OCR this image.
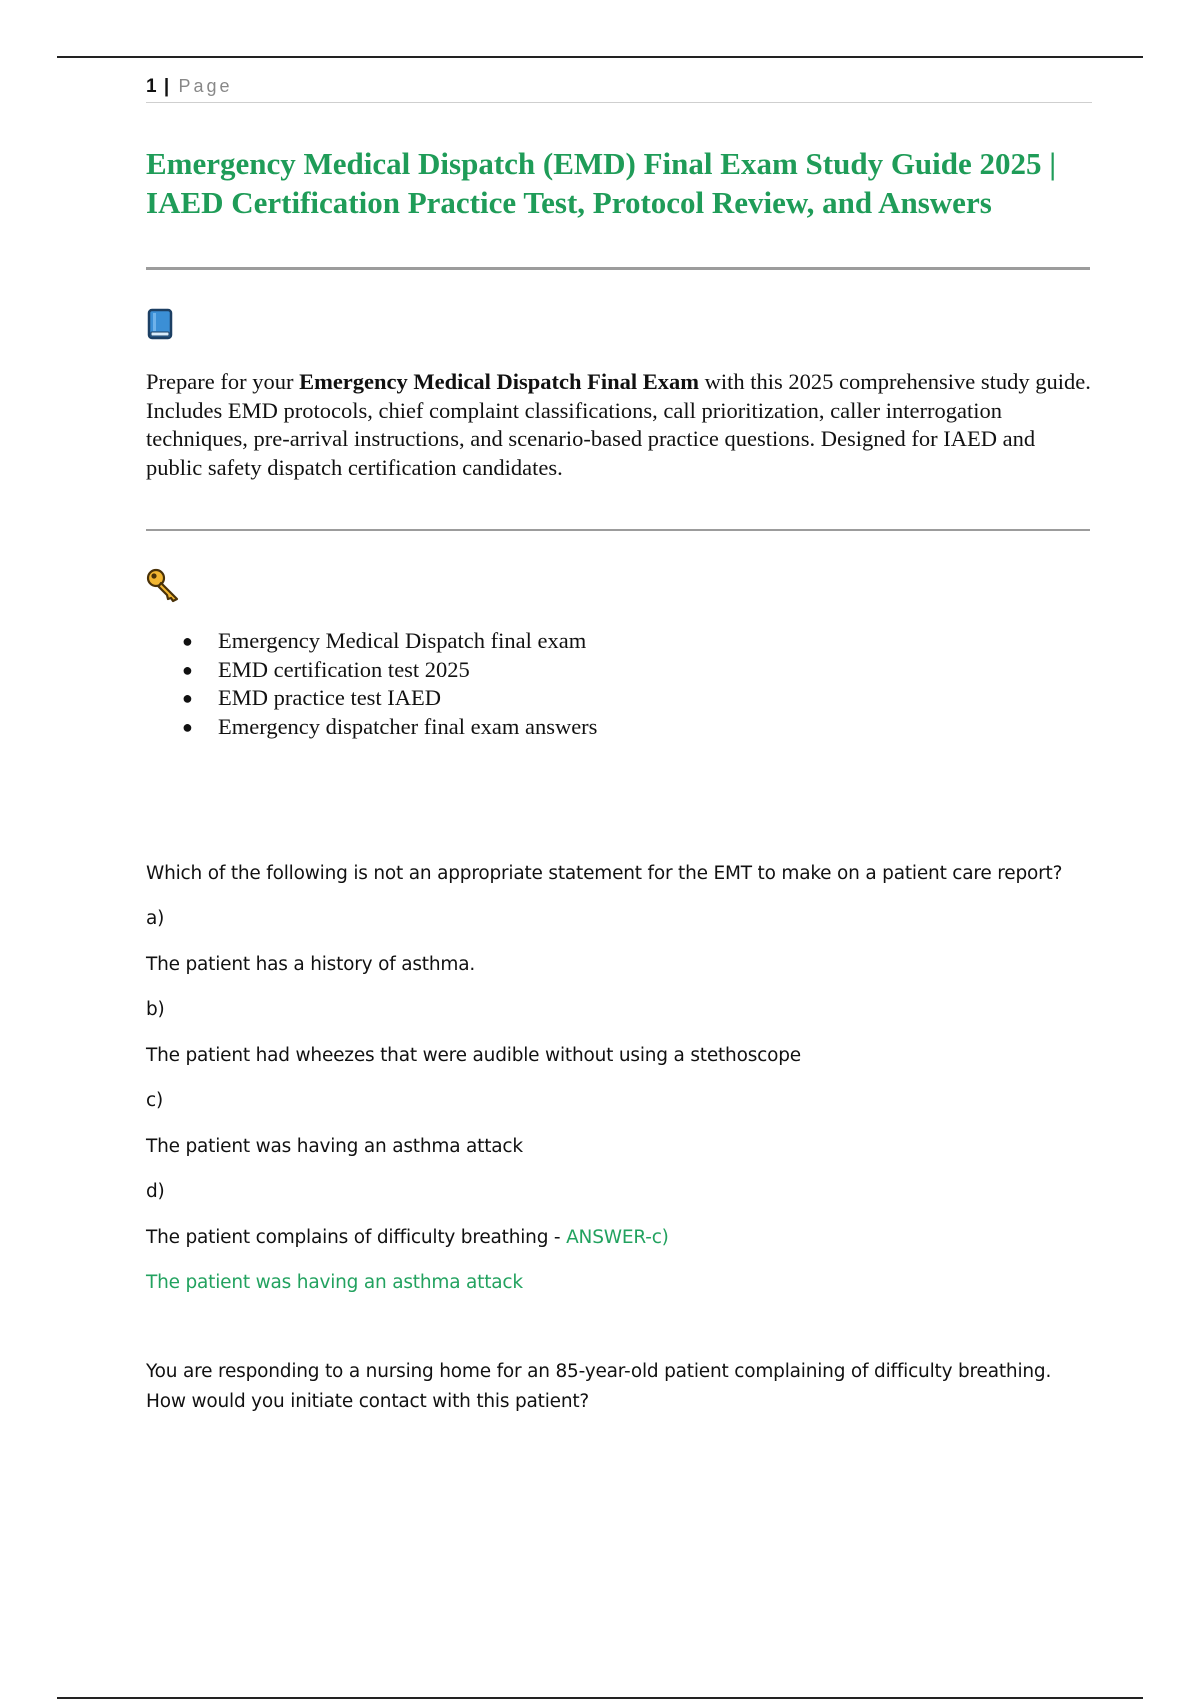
1 | Page
Emergency Medical Dispatch (EMD) Final Exam Study Guide 2025 | IAED Certification Practice Test, Protocol Review, and Answers

Prepare for your Emergency Medical Dispatch Final Exam with this 2025 comprehensive study guide. Includes EMD protocols, chief complaint classifications, call prioritization, caller interrogation techniques, pre-arrival instructions, and scenario-based practice questions. Designed for IAED and public safety dispatch certification candidates.

● Emergency Medical Dispatch final exam
● EMD certification test 2025
● EMD practice test IAED
● Emergency dispatcher final exam answers

Which of the following is not an appropriate statement for the EMT to make on a patient care report?

a)

The patient has a history of asthma.

b)

The patient had wheezes that were audible without using a stethoscope

c)

The patient was having an asthma attack

d)

The patient complains of difficulty breathing - ANSWER-c)

The patient was having an asthma attack

You are responding to a nursing home for an 85-year-old patient complaining of difficulty breathing. How would you initiate contact with this patient?
